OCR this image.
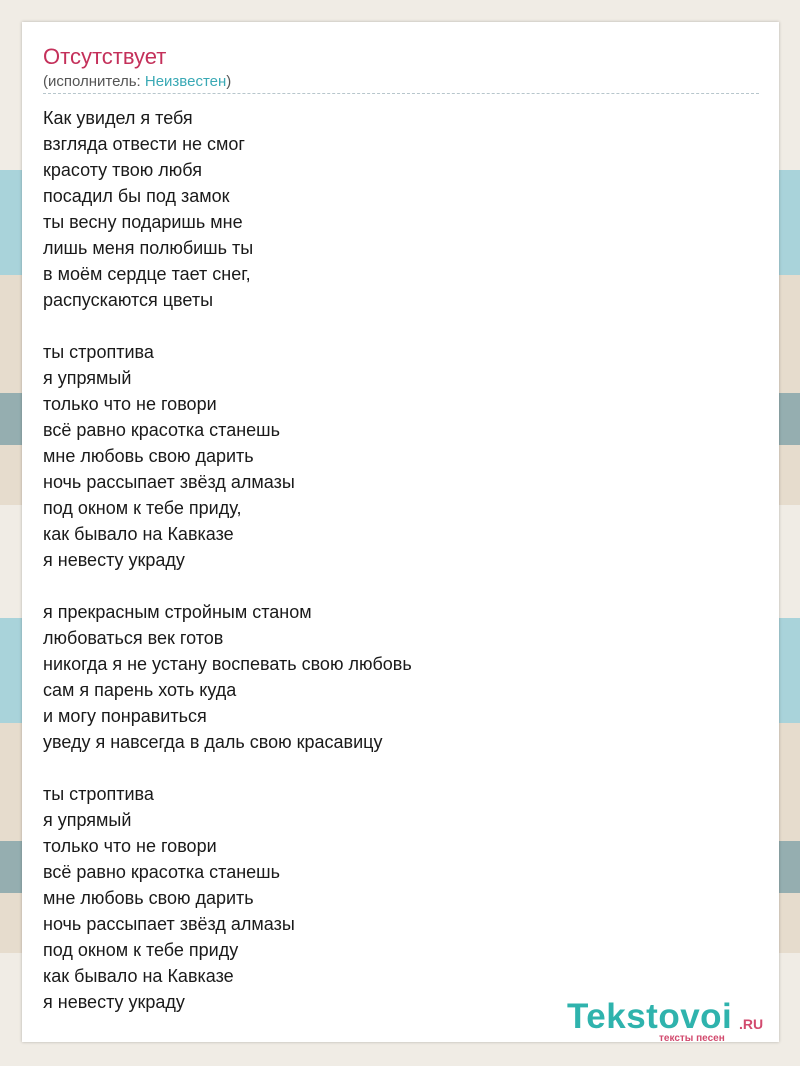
Отсутствует
(исполнитель: Неизвестен)
Как увидел я тебя
взгляда отвести не смог
красоту твою любя
посадил бы под замок
ты весну подаришь мне
лишь меня полюбишь ты
в моём сердце тает снег,
распускаются цветы
ты строптива
я упрямый
только что не говори
всё равно красотка станешь
мне любовь свою дарить
ночь рассыпает звёзд алмазы
под окном к тебе приду,
как бывало на Кавказе
я невесту украду
я прекрасным стройным станом
любоваться век готов
никогда я не устану воспевать свою любовь
сам я парень хоть куда
и могу понравиться
уведу я навсегда в даль свою красавицу
ты строптива
я упрямый
только что не говори
всё равно красотка станешь
мне любовь свою дарить
ночь рассыпает звёзд алмазы
под окном к тебе приду
как бывало на Кавказе
я невесту украду	Tekstovoi .RU
тексты песен
